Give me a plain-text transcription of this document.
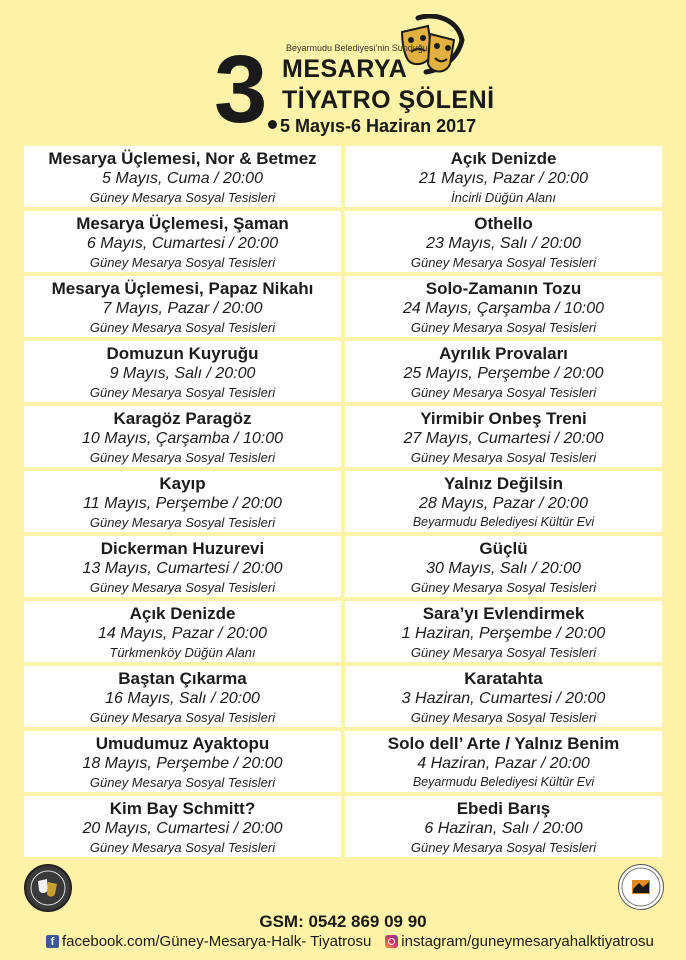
3 Beyarmudu Belediyesi'nin Sunduğu
MESARYA
TİYATRO ŞÖLENİ
5 Mayıs-6 Haziran 2017
Mesarya Üçlemesi, Nor & Betmez
5 Mayıs, Cuma / 20:00
Güney Mesarya Sosyal Tesisleri
Mesarya Üçlemesi, Şaman
6 Mayıs, Cumartesi / 20:00
Güney Mesarya Sosyal Tesisleri
Mesarya Üçlemesi, Papaz Nikahı
7 Mayıs, Pazar / 20:00
Güney Mesarya Sosyal Tesisleri
Domuzun Kuyruğu
9 Mayıs, Salı / 20:00
Güney Mesarya Sosyal Tesisleri
Karagöz Paragöz
10 Mayıs, Çarşamba / 10:00
Güney Mesarya Sosyal Tesisleri
Kayıp
11 Mayıs, Perşembe / 20:00
Güney Mesarya Sosyal Tesisleri
Dickerman Huzurevi
13 Mayıs, Cumartesi / 20:00
Güney Mesarya Sosyal Tesisleri
Açık Denizde
14 Mayıs, Pazar / 20:00
Türkmenköy Düğün Alanı
Baştan Çıkarma
16 Mayıs, Salı / 20:00
Güney Mesarya Sosyal Tesisleri
Umudumuz Ayaktopu
18 Mayıs, Perşembe / 20:00
Güney Mesarya Sosyal Tesisleri
Kim Bay Schmitt?
20 Mayıs, Cumartesi / 20:00
Güney Mesarya Sosyal Tesisleri
Açık Denizde
21 Mayıs, Pazar / 20:00
İncirli Düğün Alanı
Othello
23 Mayıs, Salı / 20:00
Güney Mesarya Sosyal Tesisleri
Solo-Zamanın Tozu
24 Mayıs, Çarşamba / 10:00
Güney Mesarya Sosyal Tesisleri
Ayrılık Provaları
25 Mayıs, Perşembe / 20:00
Güney Mesarya Sosyal Tesisleri
Yirmibir Onbeş Treni
27 Mayıs, Cumartesi / 20:00
Güney Mesarya Sosyal Tesisleri
Yalnız Değilsin
28 Mayıs, Pazar / 20:00
Beyarmudu Belediyesi Kültür Evi
Güçlü
30 Mayıs, Salı / 20:00
Güney Mesarya Sosyal Tesisleri
Sara’yı Evlendirmek
1 Haziran, Perşembe / 20:00
Güney Mesarya Sosyal Tesisleri
Karatahta
3 Haziran, Cumartesi / 20:00
Güney Mesarya Sosyal Tesisleri
Solo dell’ Arte / Yalnız Benim
4 Haziran, Pazar / 20:00
Beyarmudu Belediyesi Kültür Evi
Ebedi Barış
6 Haziran, Salı / 20:00
Güney Mesarya Sosyal Tesisleri
GSM: 0542 869 09 90
f facebook.com/Güney-Mesarya-Halk- Tiyatrosu instagram/guneymesaryahalktiyatrosu
